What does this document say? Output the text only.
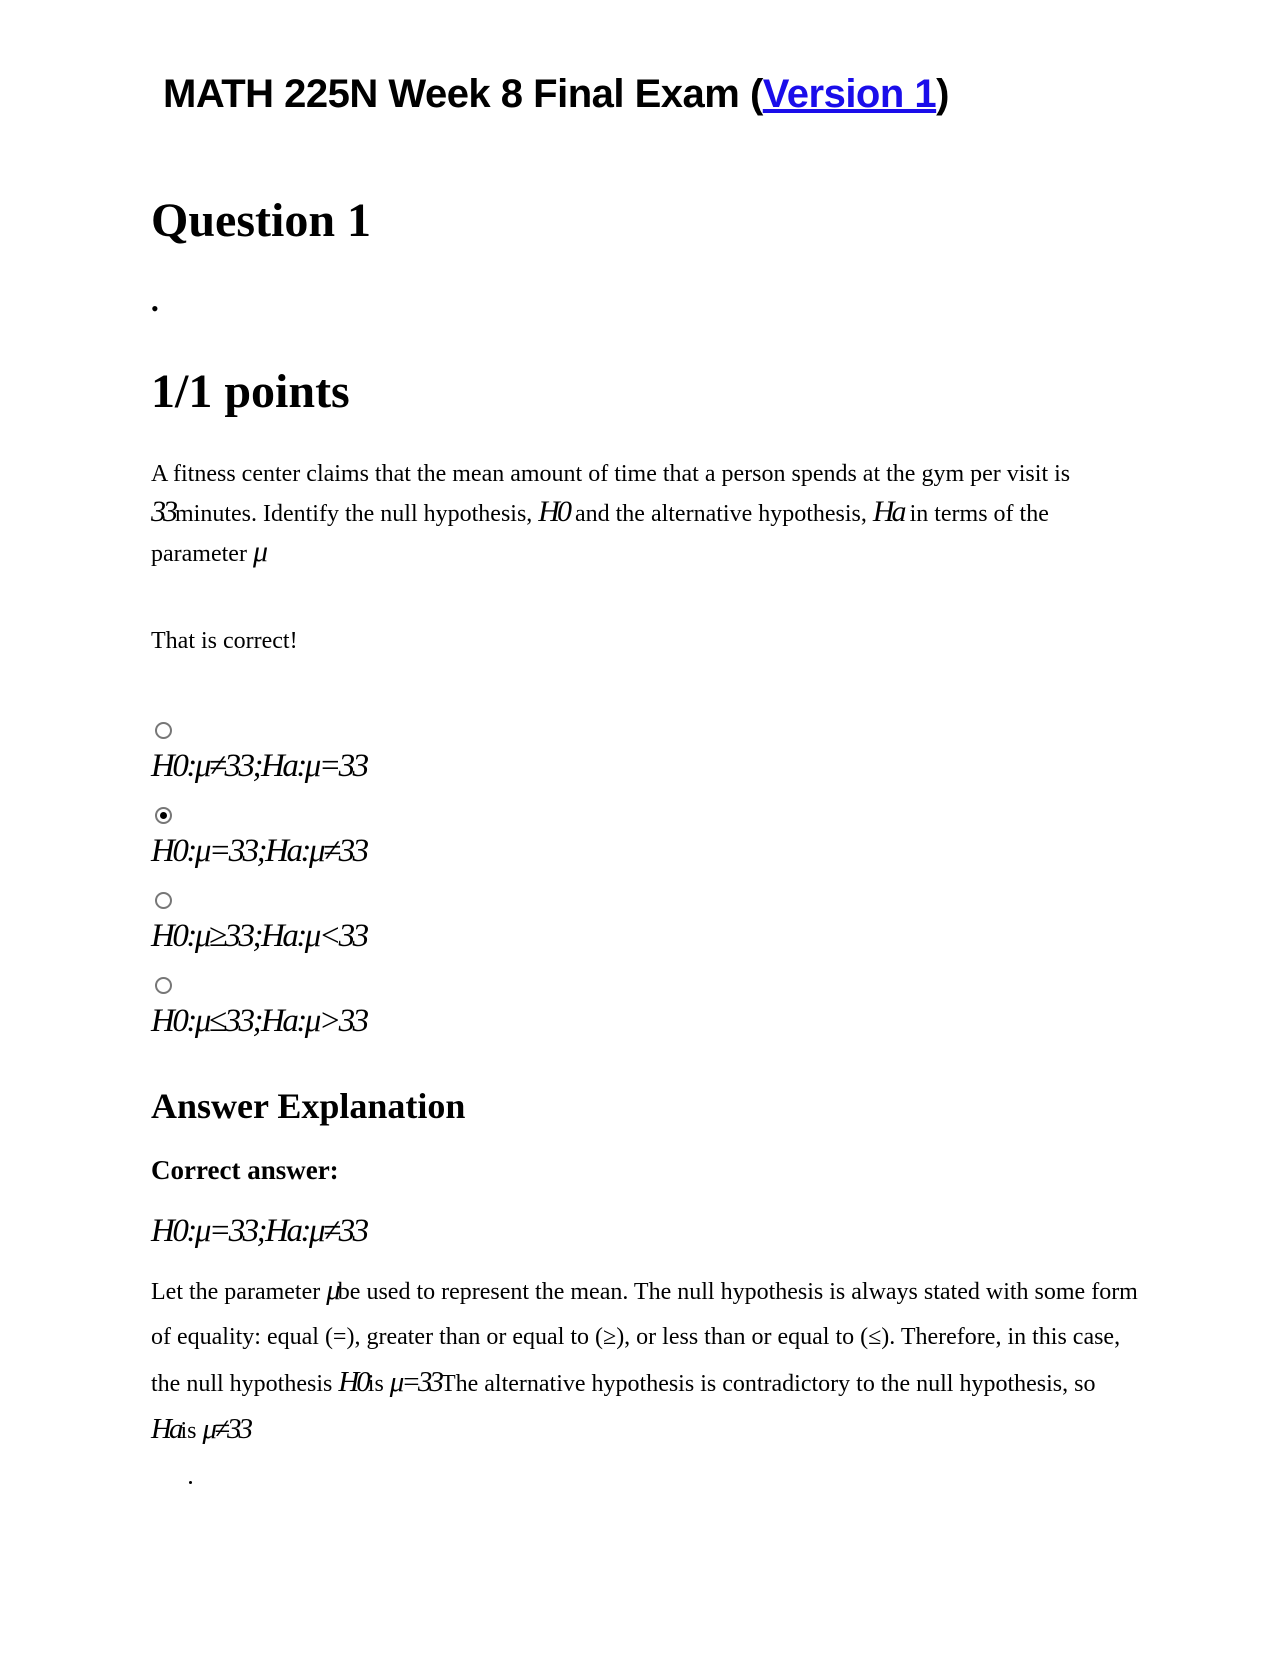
MATH 225N Week 8 Final Exam (Version 1)
Question 1
•
1/1 points

A fitness center claims that the mean amount of time that a person spends at the gym per visit is 33minutes. Identify the null hypothesis, H0 and the alternative hypothesis, Ha in terms of the parameter μ

That is correct!

H0:μ≠33;Ha:μ=33
H0:μ=33;Ha:μ≠33
H0:μ≥33;Ha:μ<33
H0:μ≤33;Ha:μ>33
Answer Explanation
Correct answer:
H0:μ=33;Ha:μ≠33

Let the parameter μbe used to represent the mean. The null hypothesis is always stated with some form of equality: equal (=), greater than or equal to (≥), or less than or equal to (≤). Therefore, in this case, the null hypothesis H0is μ=33The alternative hypothesis is contradictory to the null hypothesis, so Hais μ≠33
